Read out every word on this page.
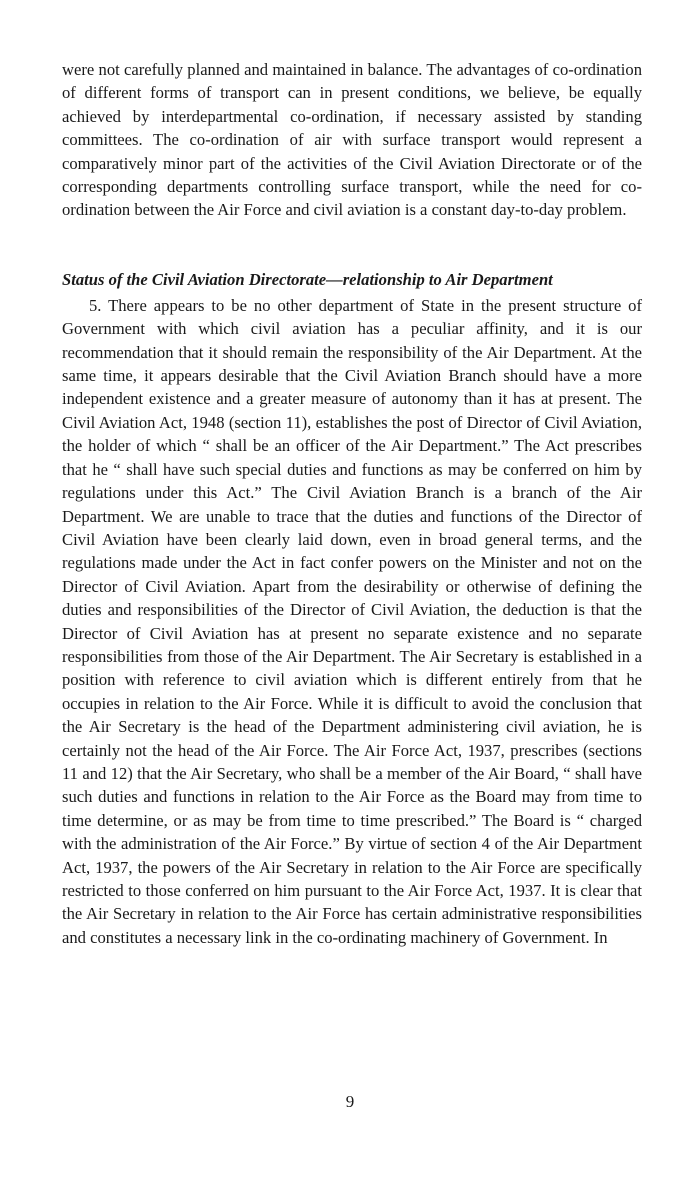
were not carefully planned and maintained in balance. The advantages of co-ordination of different forms of transport can in present conditions, we believe, be equally achieved by interdepartmental co-ordination, if necessary assisted by standing committees. The co-ordination of air with surface transport would represent a comparatively minor part of the activities of the Civil Aviation Directorate or of the corresponding departments controlling surface transport, while the need for co-ordination between the Air Force and civil aviation is a constant day-to-day problem.

Status of the Civil Aviation Directorate—relationship to Air Department

5. There appears to be no other department of State in the present structure of Government with which civil aviation has a peculiar affinity, and it is our recommendation that it should remain the responsibility of the Air Department. At the same time, it appears desirable that the Civil Aviation Branch should have a more independent existence and a greater measure of autonomy than it has at present. The Civil Aviation Act, 1948 (section 11), establishes the post of Director of Civil Aviation, the holder of which “ shall be an officer of the Air Department.” The Act prescribes that he “ shall have such special duties and functions as may be conferred on him by regulations under this Act.” The Civil Aviation Branch is a branch of the Air Department. We are unable to trace that the duties and functions of the Director of Civil Aviation have been clearly laid down, even in broad general terms, and the regulations made under the Act in fact confer powers on the Minister and not on the Director of Civil Aviation. Apart from the desirability or otherwise of defining the duties and responsibilities of the Director of Civil Aviation, the deduction is that the Director of Civil Aviation has at present no separate existence and no separate responsibilities from those of the Air Department. The Air Secretary is established in a position with reference to civil aviation which is different entirely from that he occupies in relation to the Air Force. While it is difficult to avoid the conclusion that the Air Secretary is the head of the Department administering civil aviation, he is certainly not the head of the Air Force. The Air Force Act, 1937, prescribes (sections 11 and 12) that the Air Secretary, who shall be a member of the Air Board, “ shall have such duties and functions in relation to the Air Force as the Board may from time to time determine, or as may be from time to time prescribed.” The Board is “ charged with the administration of the Air Force.” By virtue of section 4 of the Air Department Act, 1937, the powers of the Air Secretary in relation to the Air Force are specifically restricted to those conferred on him pursuant to the Air Force Act, 1937. It is clear that the Air Secretary in relation to the Air Force has certain administrative responsibilities and constitutes a necessary link in the co-ordinating machinery of Government. In

9
